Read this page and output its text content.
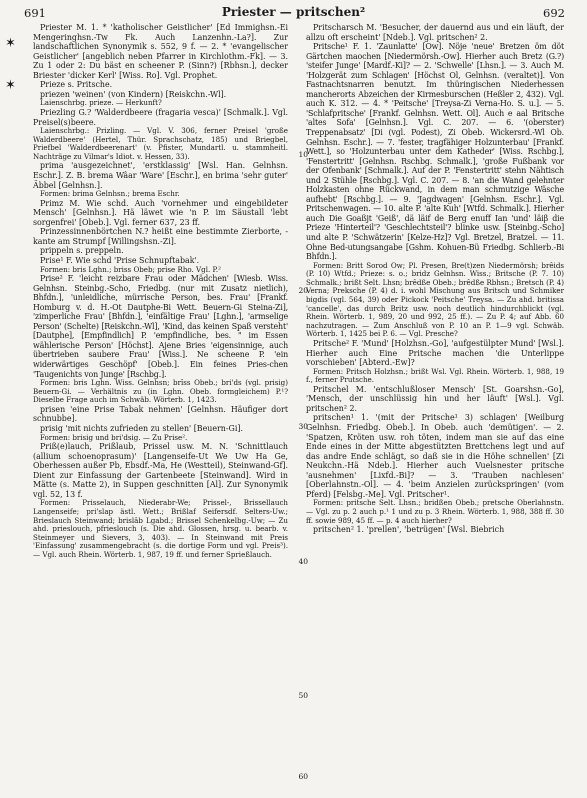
691	Priester — pritschen²	692
✶
✶
10
20
30
40
50
60

Priester M. 1. * 'katholischer Geistlicher' [Ed Immighsn.-Ei Mengeringhsn.-Tw Fk. Auch Lanzenhn.-La?]. Zur landschaftlichen Synonymik s. 552, 9 f. — 2. * 'evangelischer Geistlicher' [angeblich neben Pfarrer in Kirchlothm.-Fk]. — 3. Zu 1 oder 2: Du bäst en scheener P. (Sinn?) [Rbhsn.], decker Briester 'dicker Kerl' [Wiss. Ro]. Vgl. Prophet.

Prieze s. Pritsche.

priezen 'weinen' (von Kindern) [Reiskchn.-Wl].

Laienschrbg. prieze. — Herkunft?

Priezling G.? 'Walderdbeere (fragaria vesca)' [Schmalk.]. Vgl. Preisel(s)beere.

Laienschrbg.: Prizling. — Vgl. V. 306, ferner Preisel 'große Walderdbeere' (Hertel, Thür. Sprachschatz, 185) und Briegbel, Priefbel 'Walderdbeerenart' (v. Pfister, Mundartl. u. stammheitl. Nachträge zu Vilmar's Idiot. v. Hessen, 33).

prima 'ausgezeichnet', 'erstklassig' [Wsl. Han. Gelnhsn. Eschr.]. Z. B. brema Wâar 'Ware' [Eschr.], en brima 'sehr guter' Äbbel [Gelnhsn.].

Formen: brima Gelnhsn.; brema Eschr.

Primz M. Wie schd. Auch 'vornehmer und eingebildeter Mensch' [Gelnhsn.]. Hä läwet wie 'n P. im Säustall 'lebt sorgenfrei' [Obeb.]. Vgl. ferner 637, 23 ff.

Prinzessinnenbörtchen N.? heißt eine bestimmte Zierborte, -kante am Strumpf [Willingshsn.-Zi].

prippeln s. preppeln.

Prise¹ F. Wie schd 'Prise Schnupftabak'.

Formen: bris Lghn.; briss Obeb; prise Rho. Vgl. P.²

Prise² F. 'leicht reizbare Frau oder Mädchen' [Wiesb. Wiss. Gelnhsn. Steinbg.-Scho, Friedbg. (nur mit Zusatz nietlich), Bhfdn.], 'unleidliche, mürrische Person, bes. Frau' [Frankf. Homburg v. d. H.-Ot Dautphe-Bi Wett. Beuern-Gi Steina-Zi], 'zimperliche Frau' [Bhfdn.], 'einfältige Frau' [Lghn.], 'armselige Person' (Schelte) [Reiskchn.-Wl], 'Kind, das keinen Spaß versteht' [Dautphe], [Empfindlich] P. 'empfindliche, bes. " im Essen wählerische Person' [Höchst]. Ajene Bries 'eigensinnige, auch übertrieben saubere Frau' [Wiss.]. Ne scheene P. 'ein widerwärtiges Geschöpf' [Obeb.]. Ein feines Pries-chen 'Taugenichts von Junge' [Rschbg.].

Formen: bris Lghn. Wiss. Gelnhsn; brîss Obeb.; bri'ds (vgl. prisig) Beuern-Gi. — Verhältnis zu (in Lghn. Obeb. formgleichem) P.¹? Dieselbe Frage auch im Schwäb. Wörterb. 1, 1423.

prisen 'eine Prise Tabak nehmen' [Gelnhsn. Häufiger dort schnubbe].

prisig 'mit nichts zufrieden zu stellen' [Beuern-Gi].

Formen: brisig und bri'dsig. — Zu Prise².

Priß(e)lauch, Prißlaub, Prissel usw. M. N. 'Schnittlauch (allium schoenoprasum)' [Langenseife-Ut We Uw Ha Ge, Oberhessen außer Pb, Ebsdf.-Ma, He (Westteil), Steinwand-Gf]. Dient zur Einfassung der Gartenbeete [Steinwand]. Wird in Mätte (s. Matte 2), in Suppen geschnitten [Al]. Zur Synonymik vgl. 52, 13 f.

Formen: Prisselauch, Niederabr-We; Prissel-, Brissellauch Langenseife; pri'slap ästl. Wett.; Brißlaf Seifersdf. Selters-Uw.; Brieslauch Steinwand; brislâb Lgabd.; Brissel Schenkelbg.-Uw; — Zu ahd. prieslouch, pfrieslouch (s. Die ahd. Glossen, hrsg. u. bearb. v. Steinmeyer und Sievers, 3, 403). — In Steinwand mit Preis 'Einfassung' zusammengebracht (s. die dortige Form und vgl. Preis³). — Vgl. auch Rhein. Wörterb. 1, 987, 19 ff. und ferner Sprießlauch.

Pritscharsch M. 'Besucher, der dauernd aus und ein läuft, der allzu oft erscheint' [Ndeb.]. Vgl. pritschen² 2.

Pritsche¹ F. 1. 'Zaunlatte' [Ow]. Nöje 'neue' Bretzen öm döt Gärtchen maochen [Niedermörsh.-Ow]. Hierher auch Bretz (G.?) 'steifer Junge' [Mardf.-Ki]? — 2. 'Schwelle' [Lhsn.]. — 3. Auch M. 'Holzgerät zum Schlagen' [Höchst Ol, Gelnhsn. (veraltet)]. Von Fastnachtsnarren benutzt. Im thüringischen Niederhessen mancherorts Abzeichen der Kirmesburschen (Heßler 2, 432). Vgl. auch K. 312. — 4. * 'Peitsche' [Treysa-Zi Verna-Ho. S. u.]. — 5. 'Schlafpritsche' [Frankf. Gelnhsn. Wett. Ol]. Auch e aal Britsche 'altes Sofa' [Gelnhsn.]. Vgl. C. 207. — 6. '(oberster) Treppenabsatz' [Di (vgl. Podest), Zi Obeb. Wickersrd.-Wl Ob. Gelnhsn. Eschr.]. — 7. 'fester, tragfähiger Holzunterbau' [Frankf. Wett.], so 'Holzunterbau unter dem Katheder' [Wiss. Rschbg.], 'Fenstertritt' [Gelnhsn. Rschbg. Schmalk.], 'große Fußbank vor der Ofenbank' [Schmalk.]. Auf der P. 'Fenstertritt' stehn Nähtisch und 2 Stühle [Rschbg.]. Vgl. C. 207. — 8. 'an die Wand gelehnter Holzkasten ohne Rückwand, in dem man schmutzige Wäsche aufhebt' [Rschbg.]. — 9. 'Jagdwagen' [Gelnhsn. Eschr.]. Vgl. Pritschenwagen. — 10. alte P. 'alte Kuh' [Wtfd. Schmalk.]. Hierher auch Die Goaßjt 'Geiß', dä läif de Berg enuff Ian 'und' läiβ die Prieze 'Hinterteil'? 'Geschlechtsteil'? blinke usw. [Steinbg.-Scho] und alte P. 'Schwätzerin' [Kelze-Hz]? Vgl. Bretzel, Bratzel. — 11. Ohne Bed-utungsangabe [Gshm. Kohuen-Bü Friedbg. Schlierb.-Bi Bhfdn.].

Formen: Britt Sorod Ow; Pl. Presen, Bre(t)zen Niedermörsh; brêids (P. 10) Wtfd.; Prieze: s. o.; bridz Gelnhsn. Wiss.; Britsche (P. 7. 10) Schmalk.; brißt Selt. Lhsn; brêdße Obeb.; brêdße Rbhsn.; Bretsch (P. 4) Verna; Preksche (P. 4) d. i. wohl Mischung aus Britsch und Schmiker bigdis (vgl. 564, 39) oder Pickock 'Peitsche' Treysa. — Zu ahd. britissa 'cancelle', das durch Britz usw. noch deutlich hindurchblickt (vgl. Rhein. Wörterb. 1, 989, 20 und 992, 25 ff.). — Zu P. 4; auf Abb. 60 nachzutragen. — Zum Anschluß von P. 10 an P. 1—9 vgl. Schwäb. Wörterb. 1, 1425 bei P. 6. — Vgl. Presche?

Pritsche² F. 'Mund' [Holzhsn.-Go], 'aufgestülpter Mund' [Wsl.]. Hierher auch Eine Pritsche machen 'die Unterlippe vorschieben' [Abterd.-Ew]?

Formen: Pritsch Holzhsn.; brißt Wsl. Vgl. Rhein. Wörterb. 1, 988, 19 f., ferner Prutsche.

Pritschel M. 'entschlußloser Mensch' [St. Goarshsn.-Go], 'Mensch, der unschlüssig hin und her läuft' [Wsl.]. Vgl. pritschen² 2.

pritschen¹ 1. '(mit der Pritsche¹ 3) schlagen' [Weilburg Gelnhsn. Friedbg. Obeb.]. In Obeb. auch 'demütigen'. — 2. 'Spatzen, Kröten usw. roh töten, indem man sie auf das eine Ende eines in der Mitte abgestützten Brettchens legt und auf das andre Ende schlägt, so daß sie in die Höhe schnellen' [Zi Neukchn.-Hä Ndeb.]. Hierher auch Vuelsnester pritsche 'ausnehmen' [Lixfd.-Bi]? — 3. 'Trauben nachlesen' [Oberlahnstn.-Ol]. — 4. 'beim Anzielen zurückspringen' (vom Pferd) [Felsbg.-Me]. Vgl. Pritscher¹.

Formen: pritsche Selt. Lhsn.; bridßen Obeb.; pretsche Oberlahnstn. — Vgl. zu p. 2 auch p.¹ 1 und zu p. 3 Rhein. Wörterb. 1, 988, 388 ff. 30 ff. sowie 989, 45 ff. — p. 4 auch hierher?

pritschen² 1. 'prellen', 'betrügen' [Wsl. Biebrich
